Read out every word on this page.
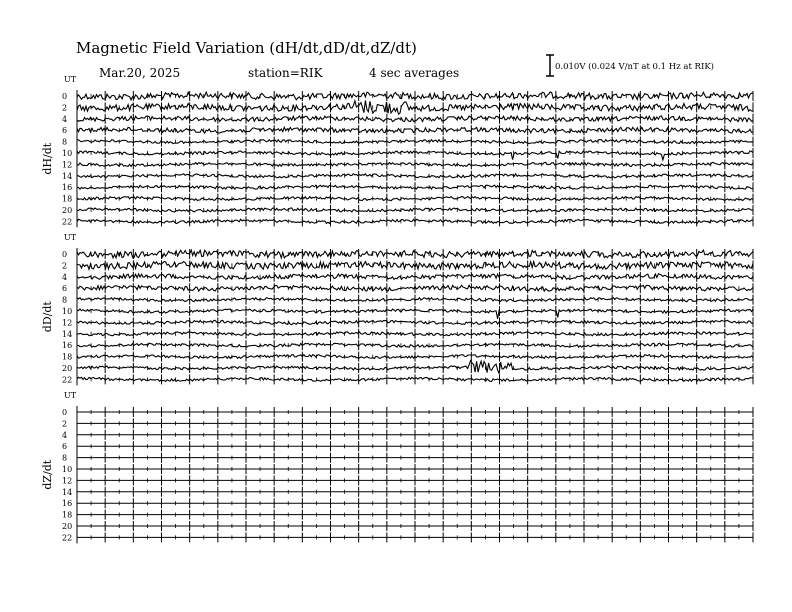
Magnetic Field Variation (dH/dt,dD/dt,dZ/dt)
Mar.20, 2025	station=RIK	4 sec averages	0.010V (0.024 V/nT at 0.1 Hz at RIK)
UT
dH/dt
0
2
4
6
8
10
12
14
16
18
20
22
UT
dD/dt
0
2
4
6
8
10
12
14
16
18
20
22
UT
dZ/dt
0
2
4
6
8
10
12
14
16
18
20
22
